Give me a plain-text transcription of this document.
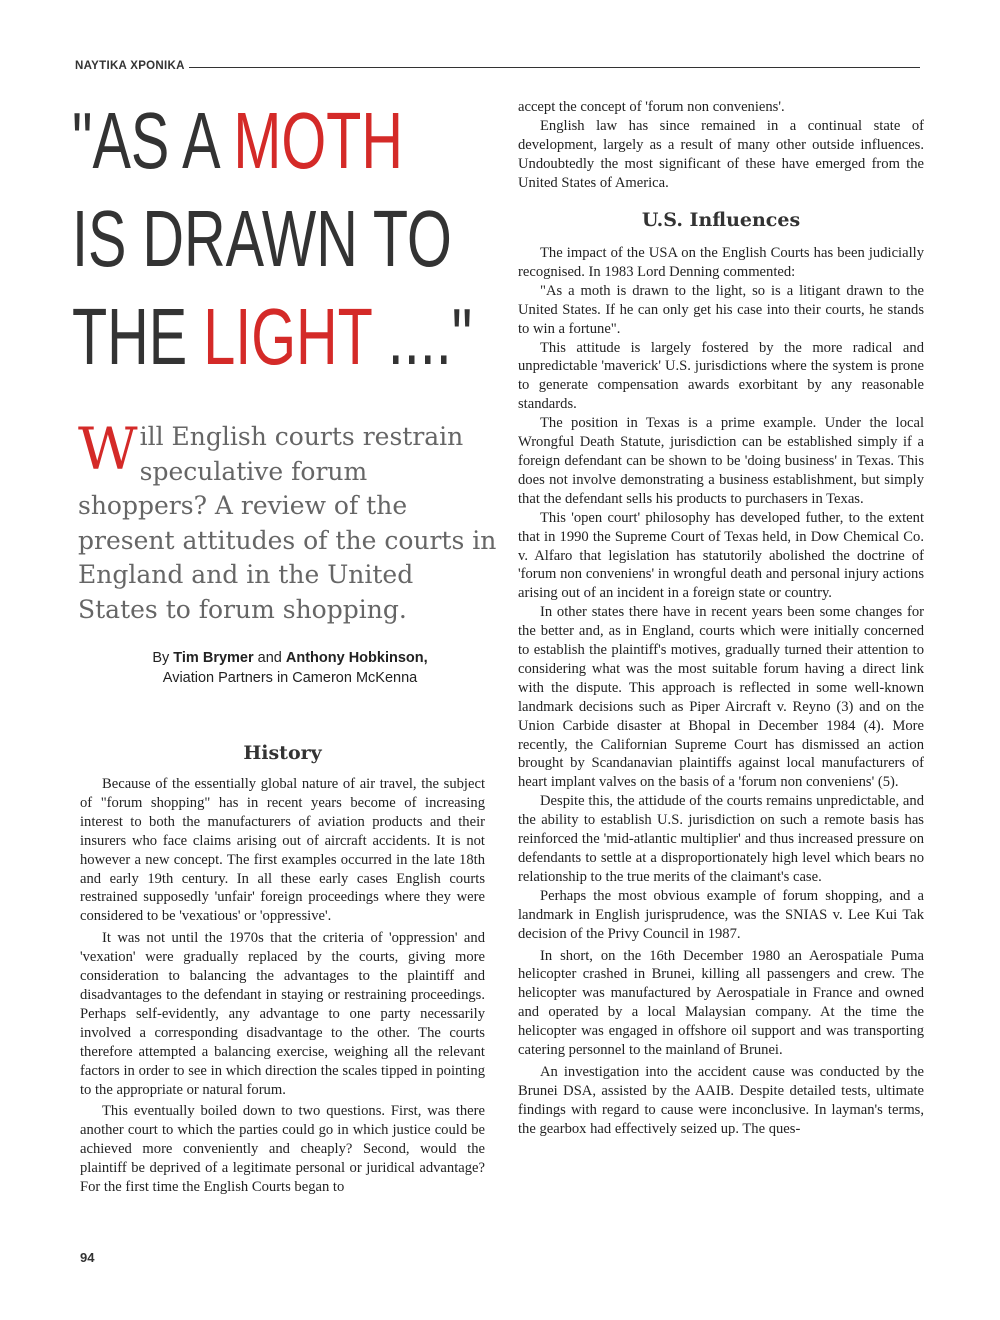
NAYTIKA XPONIKA
"AS A MOTH
IS DRAWN TO
THE LIGHT ...."
Will English courts restrain speculative forum shoppers? A review of the present attitudes of the courts in England and in the United States to forum shopping.
By Tim Brymer and Anthony Hobkinson,
Aviation Partners in Cameron McKenna
History

Because of the essentially global nature of air travel, the subject of "forum shopping" has in recent years become of increasing interest to both the manufacturers of aviation products and their insurers who face claims arising out of aircraft accidents. It is not however a new concept. The first examples occurred in the late 18th and early 19th century. In all these early cases English courts restrained supposedly 'unfair' foreign proceedings where they were considered to be 'vexatious' or 'oppressive'.

It was not until the 1970s that the criteria of 'oppression' and 'vexation' were gradually replaced by the courts, giving more consideration to balancing the advantages to the plaintiff and disadvantages to the defendant in staying or restraining proceedings. Perhaps self-evidently, any advantage to one party necessarily involved a corresponding disadvantage to the other. The courts therefore attempted a balancing exercise, weighing all the relevant factors in order to see in which direction the scales tipped in pointing to the appropriate or natural forum.

This eventually boiled down to two questions. First, was there another court to which the parties could go in which justice could be achieved more conveniently and cheaply? Second, would the plaintiff be deprived of a legitimate personal or juridical advantage? For the first time the English Courts began to

accept the concept of 'forum non conveniens'.

English law has since remained in a continual state of development, largely as a result of many other outside influences. Undoubtedly the most significant of these have emerged from the United States of America.

U.S. Influences

The impact of the USA on the English Courts has been judicially recognised. In 1983 Lord Denning commented:

"As a moth is drawn to the light, so is a litigant drawn to the United States. If he can only get his case into their courts, he stands to win a fortune".

This attitude is largely fostered by the more radical and unpredictable 'maverick' U.S. jurisdictions where the system is prone to generate compensation awards exorbitant by any reasonable standards.

The position in Texas is a prime example. Under the local Wrongful Death Statute, jurisdiction can be established simply if a foreign defendant can be shown to be 'doing business' in Texas. This does not involve demonstrating a business establishment, but simply that the defendant sells his products to purchasers in Texas.

This 'open court' philosophy has developed futher, to the extent that in 1990 the Supreme Court of Texas held, in Dow Chemical Co. v. Alfaro that legislation has statutorily abolished the doctrine of 'forum non conveniens' in wrongful death and personal injury actions arising out of an incident in a foreign state or country.

In other states there have in recent years been some changes for the better and, as in England, courts which were initially concerned to establish the plaintiff's motives, gradually turned their attention to considering what was the most suitable forum having a direct link with the dispute. This approach is reflected in some well-known landmark decisions such as Piper Aircraft v. Reyno (3) and on the Union Carbide disaster at Bhopal in December 1984 (4). More recently, the Californian Supreme Court has dismissed an action brought by Scandanavian plaintiffs against local manufacturers of heart implant valves on the basis of a 'forum non conveniens' (5).

Despite this, the attidude of the courts remains unpredictable, and the ability to establish U.S. jurisdiction on such a remote basis has reinforced the 'mid-atlantic multiplier' and thus increased pressure on defendants to settle at a disproportionately high level which bears no relationship to the true merits of the claimant's case.

Perhaps the most obvious example of forum shopping, and a landmark in English jurisprudence, was the SNIAS v. Lee Kui Tak decision of the Privy Council in 1987.

In short, on the 16th December 1980 an Aerospatiale Puma helicopter crashed in Brunei, killing all passengers and crew. The helicopter was manufactured by Aerospatiale in France and owned and operated by a local Malaysian company. At the time the helicopter was engaged in offshore oil support and was transporting catering personnel to the mainland of Brunei.

An investigation into the accident cause was conducted by the Brunei DSA, assisted by the AAIB. Despite detailed tests, ultimate findings with regard to cause were inconclusive. In layman's terms, the gearbox had effectively seized up. The ques-

94
